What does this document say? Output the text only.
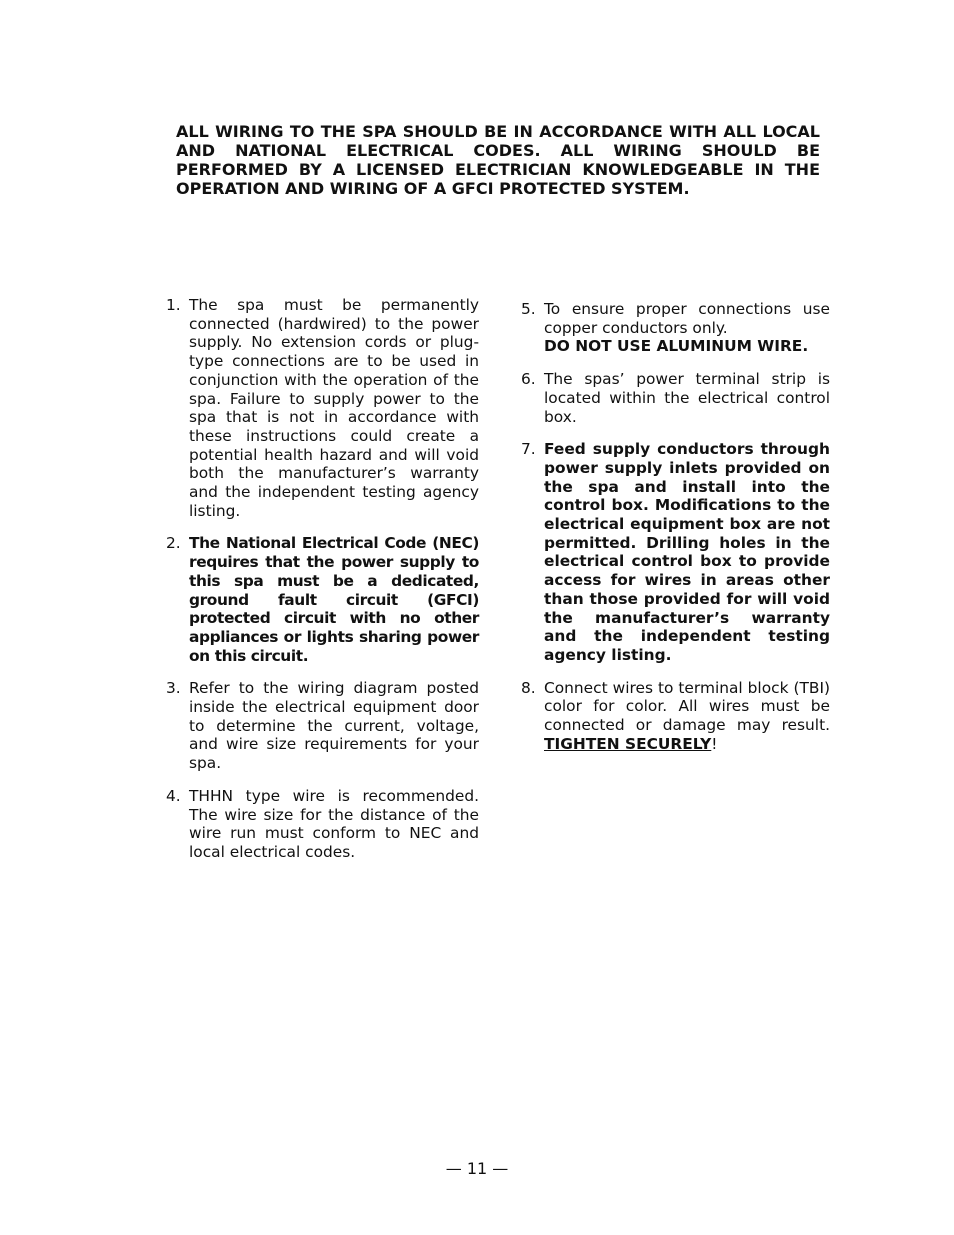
ALL WIRING TO THE SPA SHOULD BE IN ACCORDANCE WITH ALL LOCAL AND NATIONAL ELECTRICAL CODES. ALL WIRING SHOULD BE PERFORMED BY A LICENSED ELECTRICIAN KNOWLEDGEABLE IN THE OPERATION AND WIRING OF A GFCI PROTECTED SYSTEM.
1. The spa must be permanently connected (hardwired) to the power supply. No extension cords or plug-type connections are to be used in conjunction with the operation of the spa. Failure to supply power to the spa that is not in accordance with these instructions could create a potential health hazard and will void both the manufacturer’s warranty and the independent testing agency listing.
2. The National Electrical Code (NEC) requires that the power supply to this spa must be a dedicated, ground fault circuit (GFCI) protected circuit with no other appliances or lights sharing power on this circuit.
3. Refer to the wiring diagram posted inside the electrical equipment door to determine the current, voltage, and wire size requirements for your spa.
4. THHN type wire is recommended. The wire size for the distance of the wire run must conform to NEC and local electrical codes.
5. To ensure proper connections use copper conductors only.
DO NOT USE ALUMINUM WIRE.
6. The spas’ power terminal strip is located within the electrical control box.
7. Feed supply conductors through power supply inlets provided on the spa and install into the control box. Modifications to the electrical equipment box are not permitted. Drilling holes in the electrical control box to provide access for wires in areas other than those provided for will void the manufacturer’s warranty and the independent testing agency listing.
8. Connect wires to terminal block (TBI) color for color. All wires must be connected or damage may result. TIGHTEN SECURELY!
— 11 —
